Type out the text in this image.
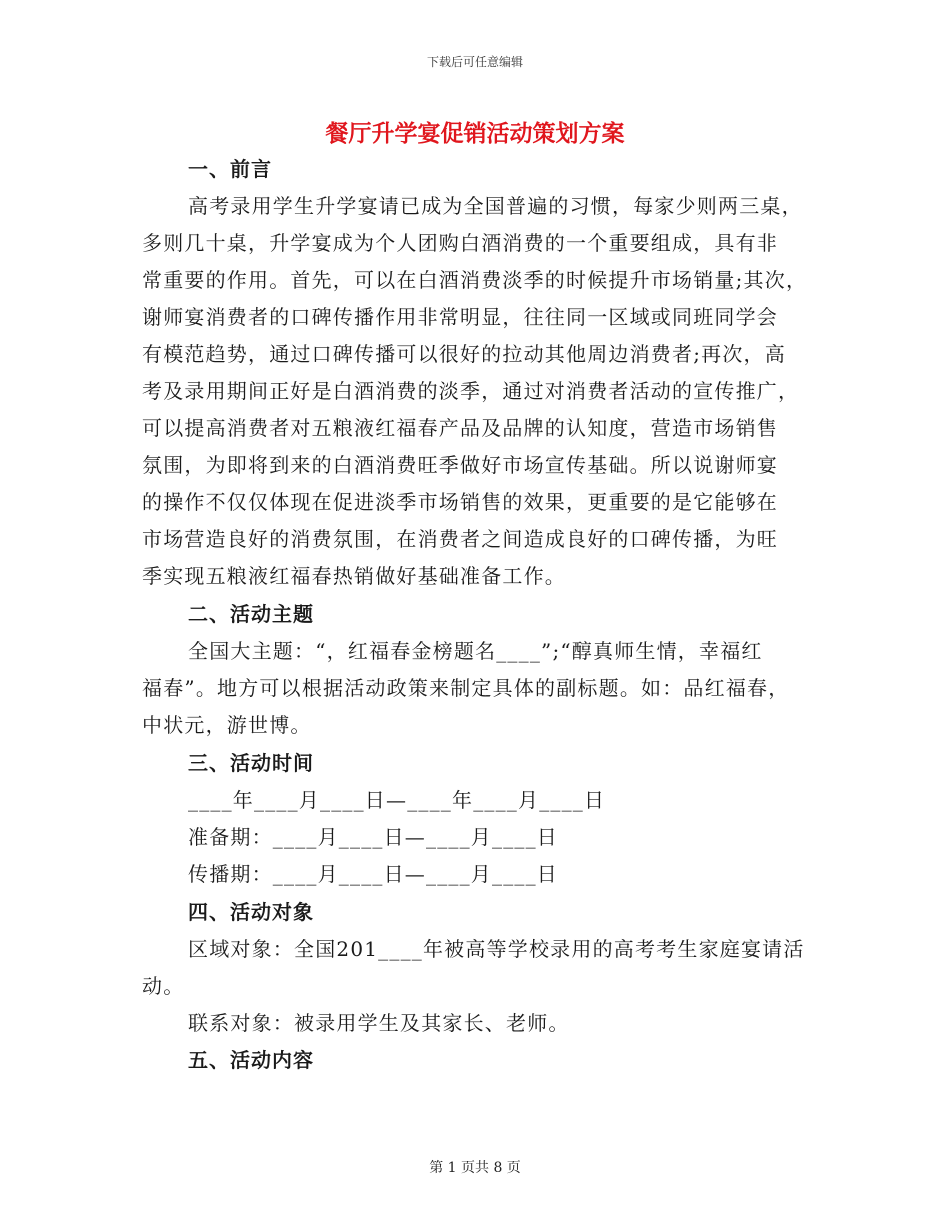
下载后可任意编辑
餐厅升学宴促销活动策划方案
一、前言
高考录用学生升学宴请已成为全国普遍的习惯，每家少则两三桌，
多则几十桌，升学宴成为个人团购白酒消费的一个重要组成，具有非
常重要的作用。首先，可以在白酒消费淡季的时候提升市场销量;其次，
谢师宴消费者的口碑传播作用非常明显，往往同一区域或同班同学会
有模范趋势，通过口碑传播可以很好的拉动其他周边消费者;再次，高
考及录用期间正好是白酒消费的淡季，通过对消费者活动的宣传推广，
可以提高消费者对五粮液红福春产品及品牌的认知度，营造市场销售
氛围，为即将到来的白酒消费旺季做好市场宣传基础。所以说谢师宴
的操作不仅仅体现在促进淡季市场销售的效果，更重要的是它能够在
市场营造良好的消费氛围，在消费者之间造成良好的口碑传播，为旺
季实现五粮液红福春热销做好基础准备工作。
二、活动主题
全国大主题：“，红福春金榜题名____”;“醇真师生情，幸福红
福春”。地方可以根据活动政策来制定具体的副标题。如：品红福春，
中状元，游世博。
三、活动时间
____年____月____日—____年____月____日
准备期：____月____日—____月____日
传播期：____月____日—____月____日
四、活动对象
区域对象：全国201____年被高等学校录用的高考考生家庭宴请活
动。
联系对象：被录用学生及其家长、老师。
五、活动内容
第 1 页共 8 页
